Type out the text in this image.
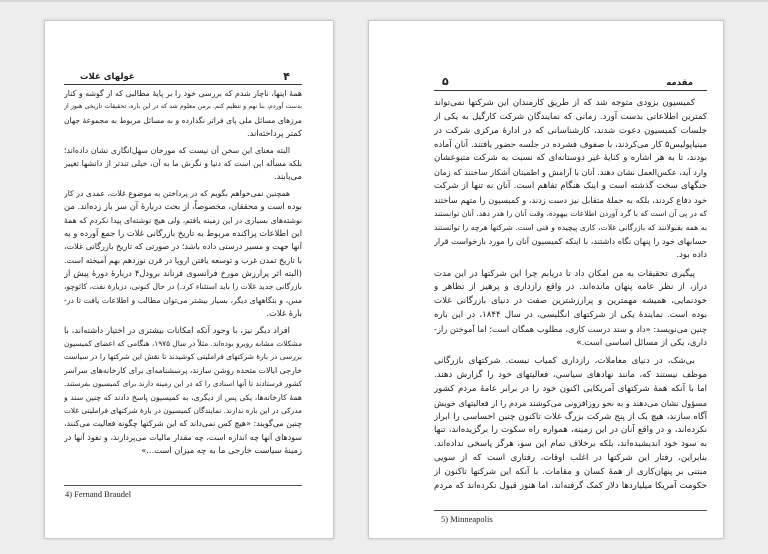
غولهای غلات	۴
همهٔ اینها، ناچار شدم که بررسی خود را بر پایهٔ مطالبی که از گوشه و کنار
بدست آوردم، بنا نهم و تنظیم کنم. برمن معلوم شد که در این باره، تحقیقات تاریخی هنوز از
مرزهای مسائل ملی پای فراتر نگذارده و به مسائل مربوط به مجموعهٔ جهان
کمتر پرداخته‌اند.
البته معنای این سخن آن نیست که مورخان سهل‌انگاری نشان داده‌اند؛
بلکه مسأله این است که دنیا و نگرش ما به آن، خیلی تندتر از دانشها تغییر
می‌یابند.
همچنین نمی‌خواهم بگویم که در پرداختن به موضوع غلات، عمدی در کار
بوده است و محققان، مخصوصاً، از بحث دربارهٔ آن سر باز زده‌اند. من
نوشته‌های بسیاری در این زمینه یافتم، ولی هیچ نوشته‌ای پیدا نکردم که همهٔ
این اطلاعات پراکنده مربوط به تاریخ بازرگانی غلات را جمع آورده و به
آنها جهت و مسیر درستی داده باشد؛ در صورتی که تاریخ بازرگانی غلات،
با تاریخ تمدن غرب و توسعه یافتن اروپا در قرن نوزدهم بهم آمیخته است.
(البته اثر پرارزش مورخ فرانسوی فرناند برودل۴ دربارهٔ دورهٔ پیش از
بازرگانی جدید غلات را باید استثناء کرد.) در حال کنونی، دربارهٔ نفت، کائوچو،
مس، و بنگاههای دیگر، بسیار بیشتر می‌توان مطالب و اطلاعات یافت تا در-
بارهٔ غلات.
افراد دیگر نیز، با وجود آنکه امکانات بیشتری در اختیار داشته‌اند، با
مشکلات مشابه روبرو بوده‌اند. مثلاً در سال ۱۹۷۵، هنگامی که اعضای کمیسیون
بررسی در بارهٔ شرکتهای فراملیتی کوشیدند تا نقش این شرکتها را در سیاست
خارجی ایالات متحده روشن سازند، پرسشنامه‌ای برای کارخانه‌های سراسر
کشور فرستادند تا آنها اسنادی را که در این زمینه دارند برای کمیسیون بفرستند.
همهٔ کارخانه‌ها، یکی پس از دیگری، به کمیسیون پاسخ دادند که چنین سند و
مدرکی در این باره ندارند. نمایندگان کمیسیون در بارهٔ شرکتهای فراملیتی غلات
چنین می‌گویند: «هیچ کس نمی‌داند که این شرکتها چگونه فعالیت می‌کنند،
سودهای آنها چه اندازه است، چه مقدار مالیات می‌پردازند، و نفوذ آنها در
زمینهٔ سیاست خارجی ما به چه میزان است...»
4) Fernand Braudel
مقدمه
۵
کمیسیون بزودی متوجه شد که از طریق کارمندان این شرکتها نمی‌تواند
کمترین اطلاعاتی بدست آورد. زمانی که نمایندگان شرکت کارگیل به یکی از
جلسات کمیسیون دعوت شدند، کارشناسانی که در ادارهٔ مرکزی شرکت در
مینیاپولیس۵ کار می‌کردند، با صفوف فشرده در جلسه حضور یافتند. آنان آماده
بودند، تا به هر اشاره و کنایهٔ غیر دوستانه‌ای که نسبت به شرکت متبوعشان
وارد آید، عکس‌العمل نشان دهند. آنان با آرامش و اطمینان آشکار ساختند که زمان
جنگهای سخت گذشته است و اینک هنگام تفاهم است. آنان نه تنها از شرکت
خود دفاع کردند، بلکه به حملهٔ متقابل نیز دست زدند، و کمیسیون را متهم ساختند
که در پی آن است که با گرد آوردن اطلاعات بیهوده، وقت آنان را هدر دهد. آنان توانستند
به همه بقبولانند که بازرگانی غلات، کاری پیچیده و فنی است. شرکتها هرچه را توانستند
حسابهای خود را پنهان نگاه داشتند، با اینکه کمیسیون آنان را مورد بازخواست قرار
داده بود.
پیگیری تحقیقات به من امکان داد تا دریابم چرا این شرکتها در این مدت
دراز، از نظر عامه پنهان مانده‌اند. در واقع رازداری و پرهیز از تظاهر و
خودنمایی، همیشه مهمترین و پرارزشترین صفت در دنیای بازرگانی غلات
بوده است. نمایندهٔ یکی از شرکتهای انگلیسی، در سال ۱۸۴۴، در این باره
چنین می‌نویسد: «داد و ستد درست کاری، مطلوب همگان است؛ اما آموختن راز-
داری، یکی از مسائل اساسی است.»
بی‌شک، در دنیای معاملات، رازداری کمیاب نیست. شرکتهای بازرگانی
موظف نیستند که، مانند نهادهای سیاسی، فعالیتهای خود را گزارش دهند.
اما با آنکه همهٔ شرکتهای آمریکایی اکنون خود را در برابر عامهٔ مردم کشور
مسؤول نشان می‌دهند و به نحو روزافزونی می‌کوشند مردم را از فعالیتهای خویش
آگاه سازند، هیچ یک از پنج شرکت بزرگ غلات تاکنون چنین احساسی را ابراز
نکرده‌اند، و در واقع آنان در این زمینه، همواره راه سکوت را برگزیده‌اند، تنها
به سود خود اندیشیده‌اند، بلکه برخلاف تمام این سو، هرگز پاسخی نداده‌اند.
بنابراین، رفتار این شرکتها در اغلب اوقات، رفتاری است که از سویی
مبتنی بر پنهان‌کاری از همهٔ کسان و مقامات. با آنکه این شرکتها تاکنون از
حکومت آمریکا میلیاردها دلار کمک گرفته‌اند، اما هنوز قبول نکرده‌اند که مردم
5) Minneapolis
